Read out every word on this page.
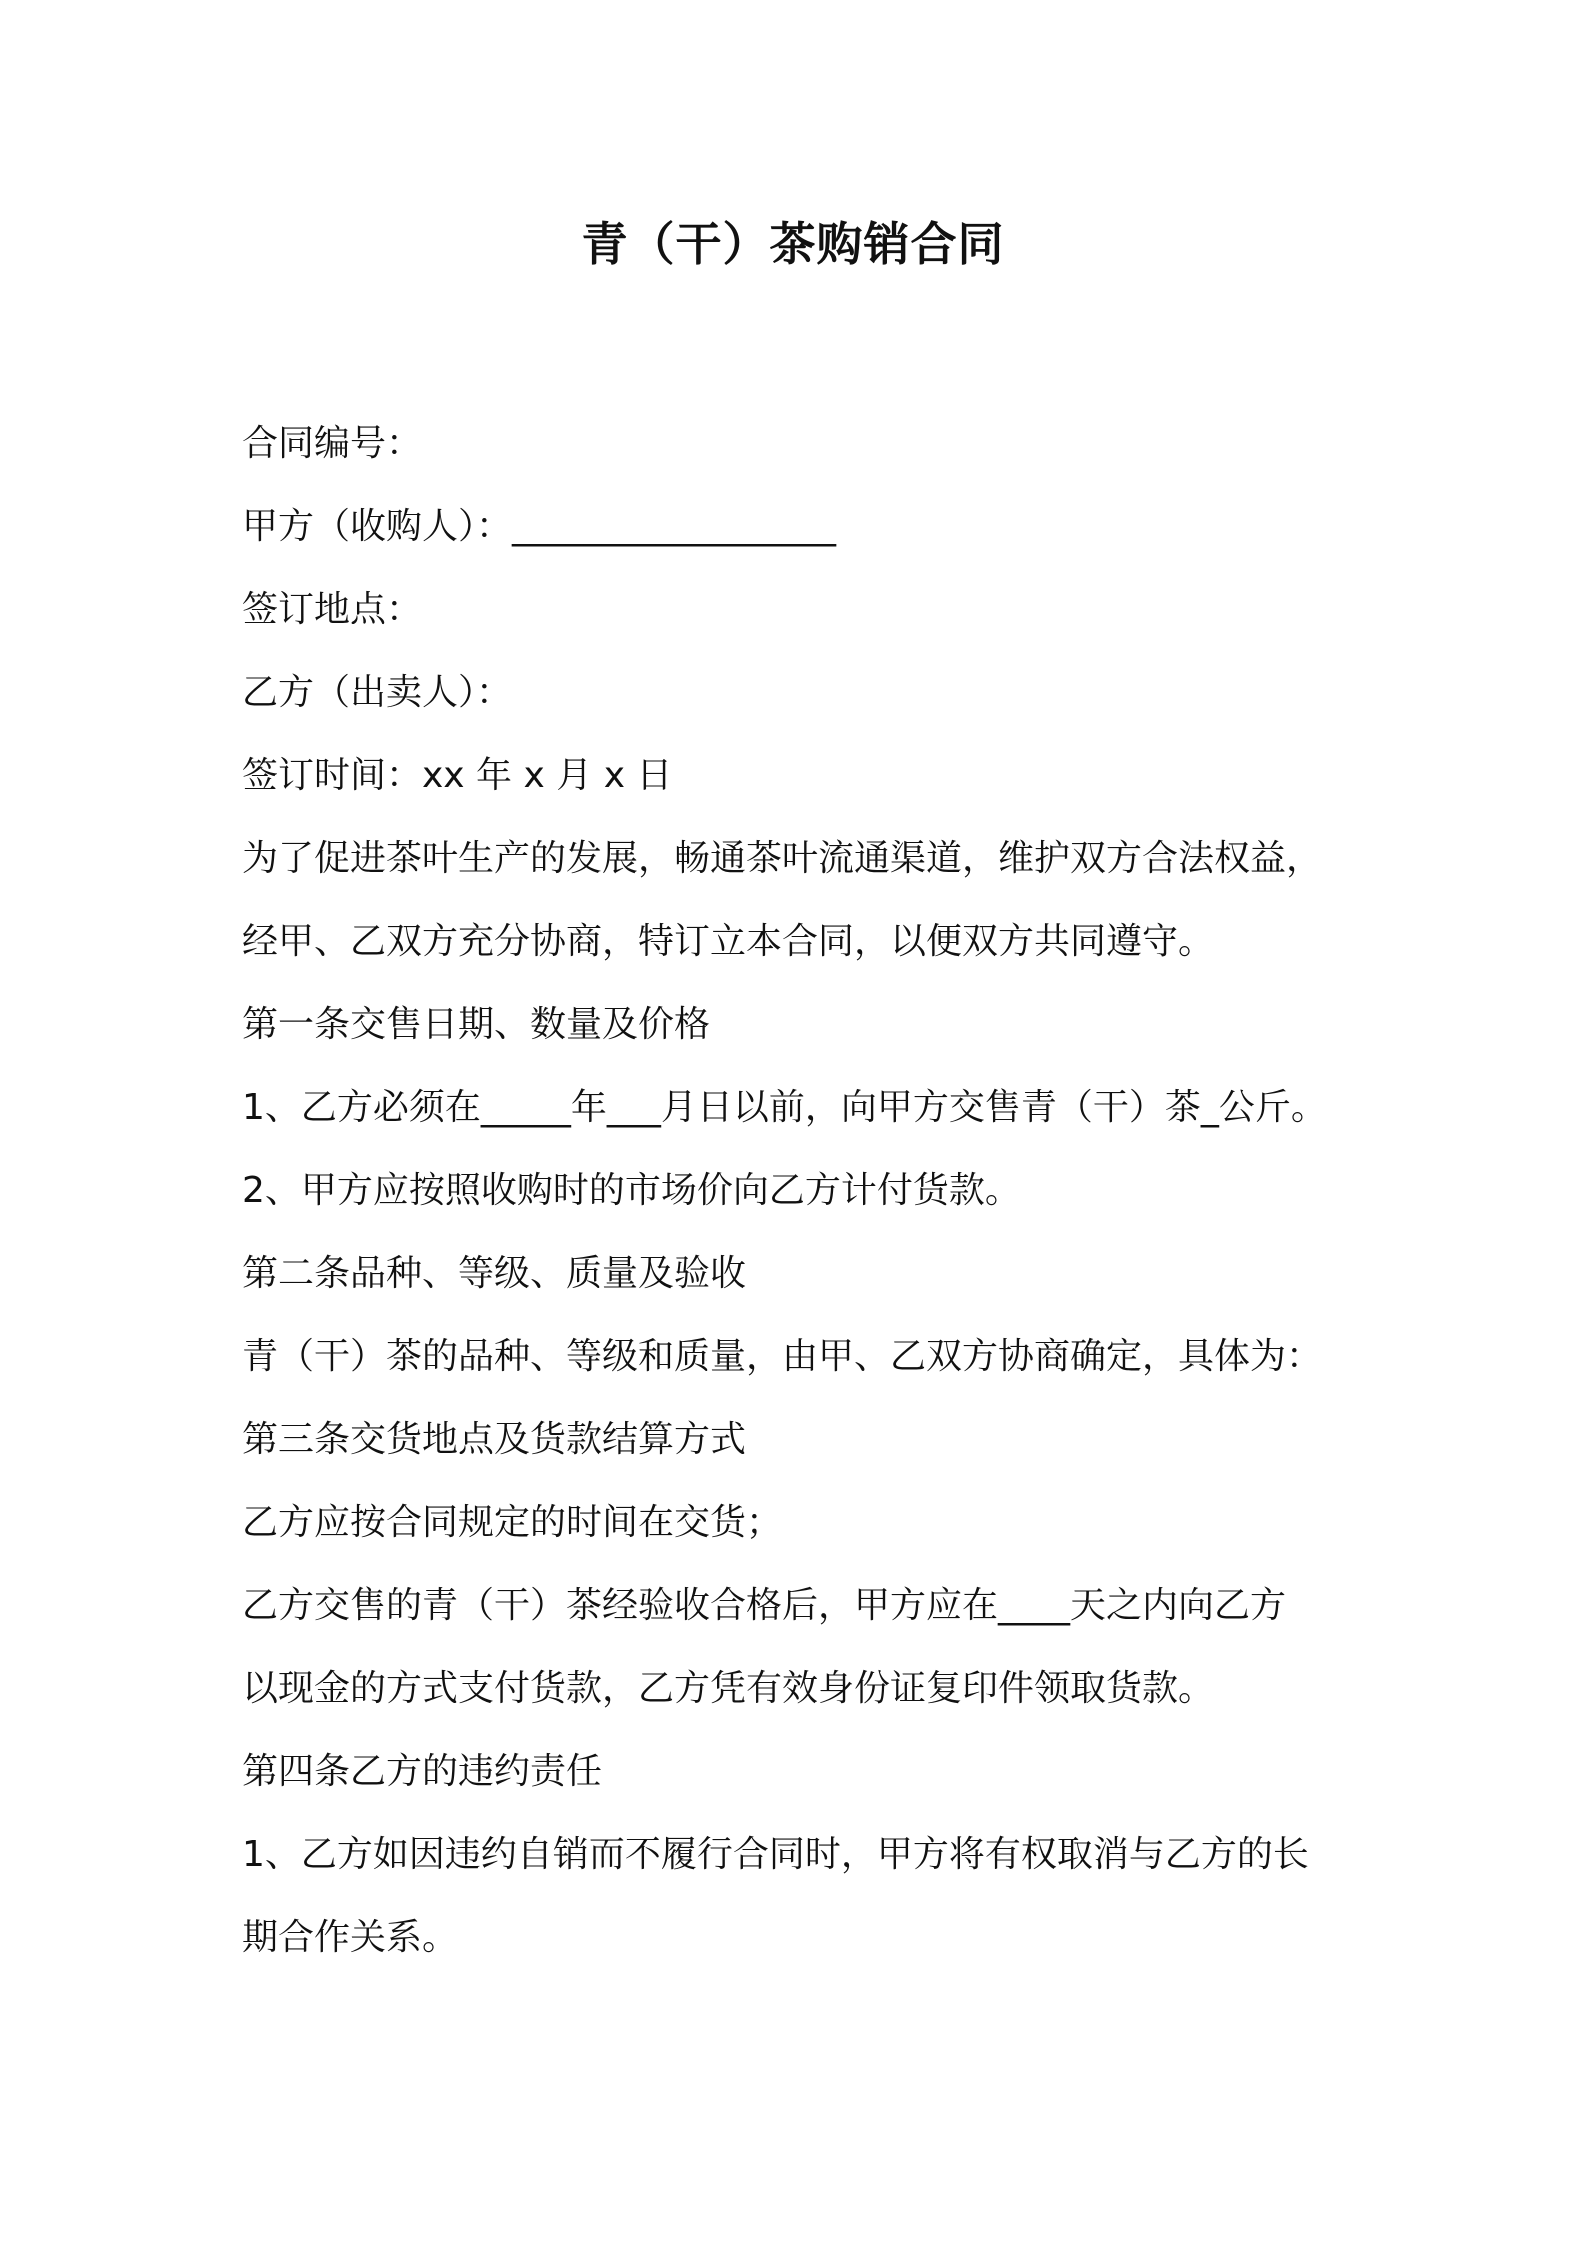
青（干）茶购销合同

合同编号：

甲方（收购人）：__________________

签订地点：

乙方（出卖人）：

签订时间：xx 年 x 月 x 日

为了促进茶叶生产的发展，畅通茶叶流通渠道，维护双方合法权益，

经甲、乙双方充分协商，特订立本合同，以便双方共同遵守。

第一条交售日期、数量及价格

1、乙方必须在_____年___月日以前，向甲方交售青（干）茶_公斤。

2、甲方应按照收购时的市场价向乙方计付货款。

第二条品种、等级、质量及验收

青（干）茶的品种、等级和质量，由甲、乙双方协商确定，具体为：

第三条交货地点及货款结算方式

乙方应按合同规定的时间在交货；

乙方交售的青（干）茶经验收合格后，甲方应在____天之内向乙方

以现金的方式支付货款，乙方凭有效身份证复印件领取货款。

第四条乙方的违约责任

1、乙方如因违约自销而不履行合同时，甲方将有权取消与乙方的长

期合作关系。
